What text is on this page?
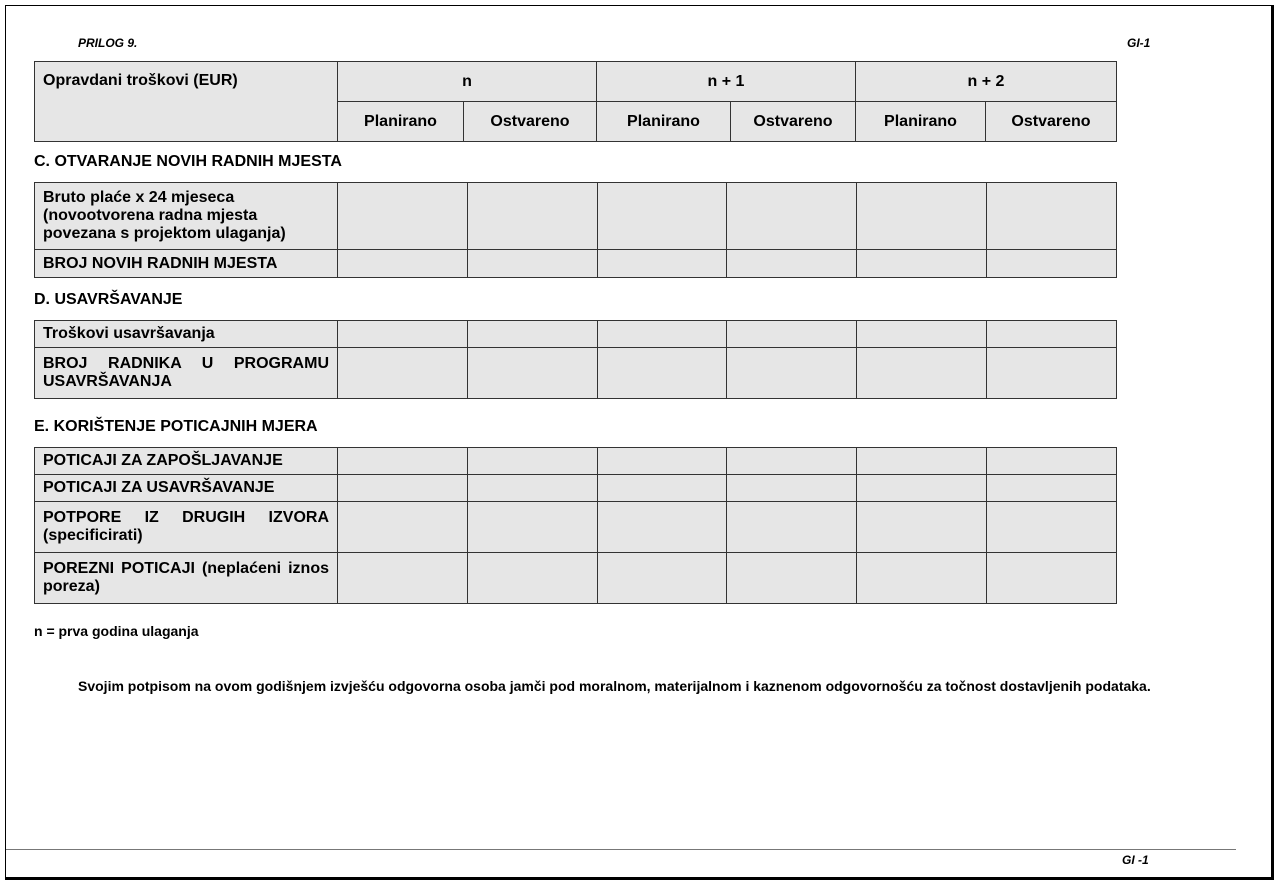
PRILOG 9.	GI-1
Opravdani troškovi (EUR)	n		n + 1		n + 2	
	Planirano	Ostvareno	Planirano	Ostvareno	Planirano	Ostvareno
C. OTVARANJE NOVIH RADNIH MJESTA
Bruto plaće x 24 mjeseca (novootvorena radna mjesta povezana s projektom ulaganja)						
BROJ NOVIH RADNIH MJESTA						
D. USAVRŠAVANJE
Troškovi usavršavanja						
BROJ RADNIKA U PROGRAMU USAVRŠAVANJA						
E. KORIŠTENJE POTICAJNIH MJERA
POTICAJI ZA ZAPOŠLJAVANJE						
POTICAJI ZA USAVRŠAVANJE						
POTPORE IZ DRUGIH IZVORA (specificirati)						
POREZNI POTICAJI (neplaćeni iznos poreza)						
n = prva godina ulaganja
Svojim potpisom na ovom godišnjem izvješću odgovorna osoba jamči pod moralnom, materijalnom i kaznenom odgovornošću za točnost dostavljenih podataka.
GI -1
